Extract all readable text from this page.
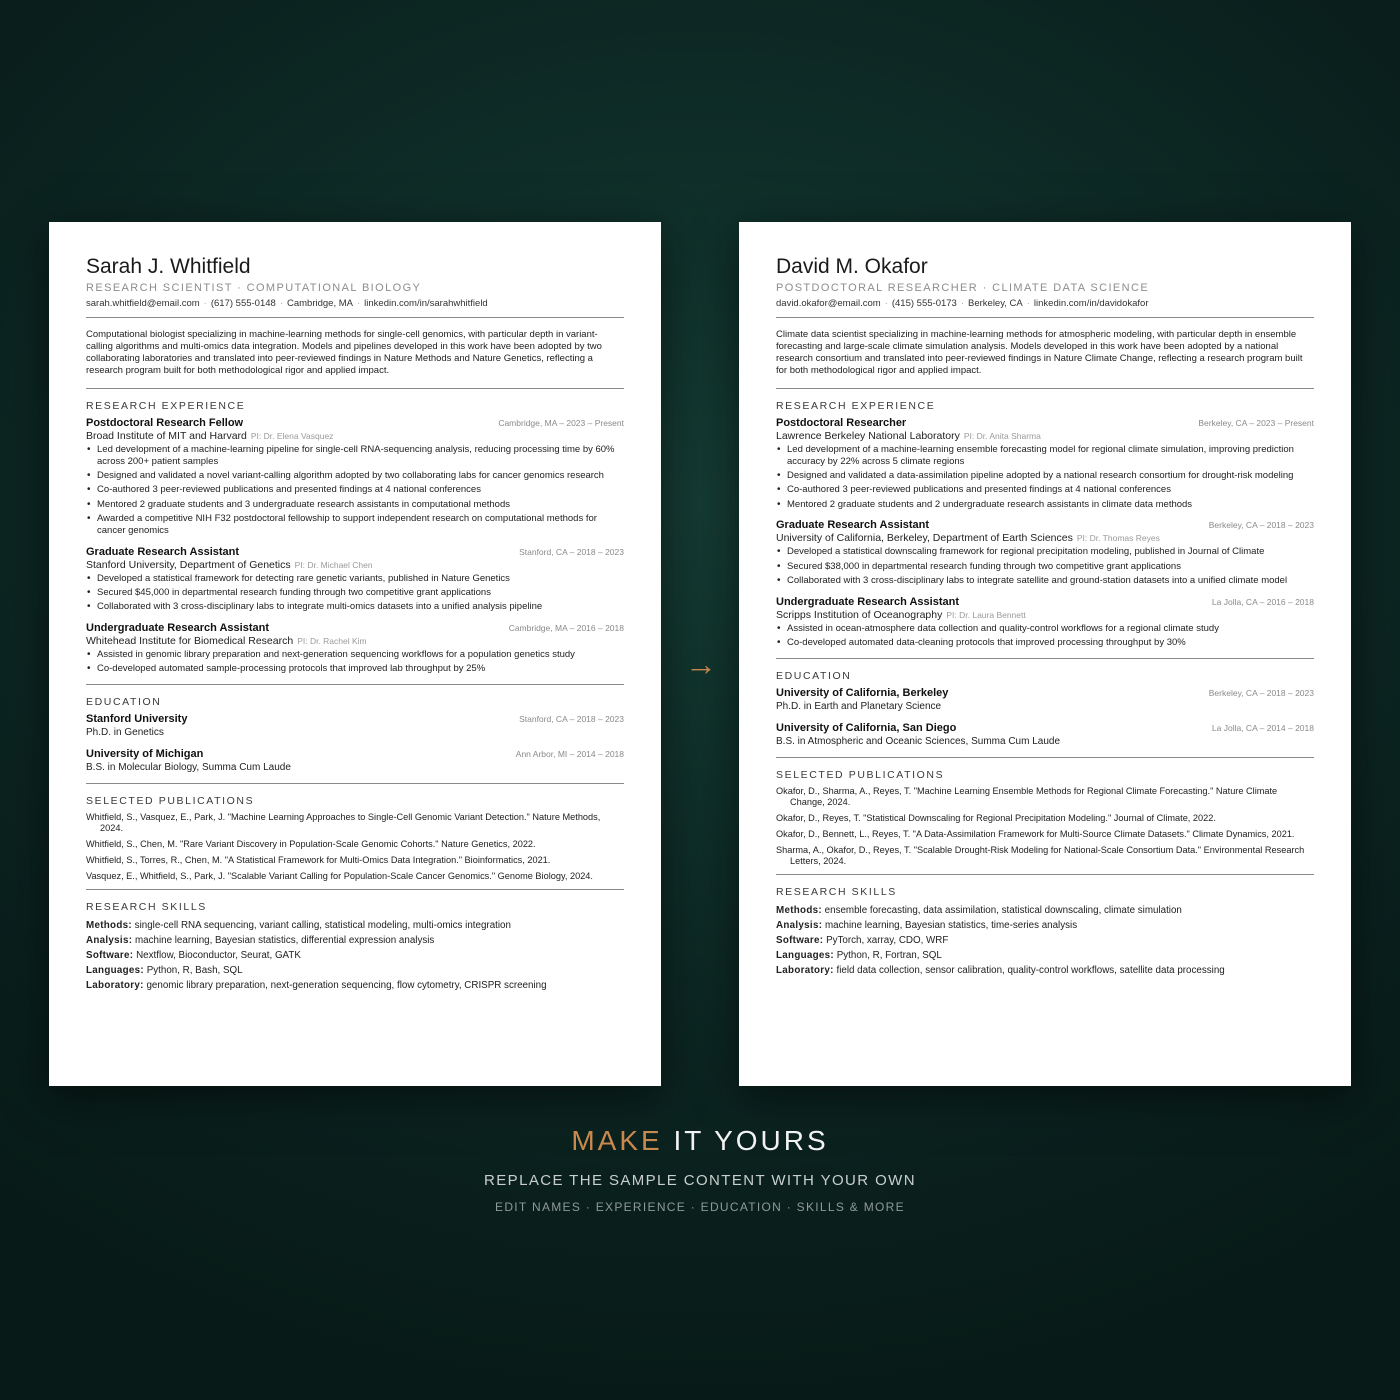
Sarah J. Whitfield
RESEARCH SCIENTIST · COMPUTATIONAL BIOLOGY
sarah.whitfield@email.com · (617) 555-0148 · Cambridge, MA · linkedin.com/in/sarahwhitfield
Computational biologist specializing in machine-learning methods for single-cell genomics, with particular depth in variant-calling algorithms and multi-omics data integration. Models and pipelines developed in this work have been adopted by two collaborating laboratories and translated into peer-reviewed findings in Nature Methods and Nature Genetics, reflecting a research program built for both methodological rigor and applied impact.
RESEARCH EXPERIENCE
Postdoctoral Research Fellow	Cambridge, MA – 2023 – Present
Broad Institute of MIT and Harvard PI: Dr. Elena Vasquez
• Led development of a machine-learning pipeline for single-cell RNA-sequencing analysis, reducing processing time by 60% across 200+ patient samples
• Designed and validated a novel variant-calling algorithm adopted by two collaborating labs for cancer genomics research
• Co-authored 3 peer-reviewed publications and presented findings at 4 national conferences
• Mentored 2 graduate students and 3 undergraduate research assistants in computational methods
• Awarded a competitive NIH F32 postdoctoral fellowship to support independent research on computational methods for cancer genomics
Graduate Research Assistant	Stanford, CA – 2018 – 2023
Stanford University, Department of Genetics PI: Dr. Michael Chen
• Developed a statistical framework for detecting rare genetic variants, published in Nature Genetics
• Secured $45,000 in departmental research funding through two competitive grant applications
• Collaborated with 3 cross-disciplinary labs to integrate multi-omics datasets into a unified analysis pipeline
Undergraduate Research Assistant	Cambridge, MA – 2016 – 2018
Whitehead Institute for Biomedical Research PI: Dr. Rachel Kim
• Assisted in genomic library preparation and next-generation sequencing workflows for a population genetics study
• Co-developed automated sample-processing protocols that improved lab throughput by 25%
EDUCATION
Stanford University	Stanford, CA – 2018 – 2023
Ph.D. in Genetics
University of Michigan	Ann Arbor, MI – 2014 – 2018
B.S. in Molecular Biology, Summa Cum Laude
SELECTED PUBLICATIONS
Whitfield, S., Vasquez, E., Park, J. "Machine Learning Approaches to Single-Cell Genomic Variant Detection." Nature Methods, 2024.
Whitfield, S., Chen, M. "Rare Variant Discovery in Population-Scale Genomic Cohorts." Nature Genetics, 2022.
Whitfield, S., Torres, R., Chen, M. "A Statistical Framework for Multi-Omics Data Integration." Bioinformatics, 2021.
Vasquez, E., Whitfield, S., Park, J. "Scalable Variant Calling for Population-Scale Cancer Genomics." Genome Biology, 2024.
RESEARCH SKILLS
Methods: single-cell RNA sequencing, variant calling, statistical modeling, multi-omics integration
Analysis: machine learning, Bayesian statistics, differential expression analysis
Software: Nextflow, Bioconductor, Seurat, GATK
Languages: Python, R, Bash, SQL
Laboratory: genomic library preparation, next-generation sequencing, flow cytometry, CRISPR screening
→
David M. Okafor
POSTDOCTORAL RESEARCHER · CLIMATE DATA SCIENCE
david.okafor@email.com · (415) 555-0173 · Berkeley, CA · linkedin.com/in/davidokafor
Climate data scientist specializing in machine-learning methods for atmospheric modeling, with particular depth in ensemble forecasting and large-scale climate simulation analysis. Models developed in this work have been adopted by a national research consortium and translated into peer-reviewed findings in Nature Climate Change, reflecting a research program built for both methodological rigor and applied impact.
RESEARCH EXPERIENCE
Postdoctoral Researcher	Berkeley, CA – 2023 – Present
Lawrence Berkeley National Laboratory PI: Dr. Anita Sharma
• Led development of a machine-learning ensemble forecasting model for regional climate simulation, improving prediction accuracy by 22% across 5 climate regions
• Designed and validated a data-assimilation pipeline adopted by a national research consortium for drought-risk modeling
• Co-authored 3 peer-reviewed publications and presented findings at 4 national conferences
• Mentored 2 graduate students and 2 undergraduate research assistants in climate data methods
Graduate Research Assistant	Berkeley, CA – 2018 – 2023
University of California, Berkeley, Department of Earth Sciences PI: Dr. Thomas Reyes
• Developed a statistical downscaling framework for regional precipitation modeling, published in Journal of Climate
• Secured $38,000 in departmental research funding through two competitive grant applications
• Collaborated with 3 cross-disciplinary labs to integrate satellite and ground-station datasets into a unified climate model
Undergraduate Research Assistant	La Jolla, CA – 2016 – 2018
Scripps Institution of Oceanography PI: Dr. Laura Bennett
• Assisted in ocean-atmosphere data collection and quality-control workflows for a regional climate study
• Co-developed automated data-cleaning protocols that improved processing throughput by 30%
EDUCATION
University of California, Berkeley	Berkeley, CA – 2018 – 2023
Ph.D. in Earth and Planetary Science
University of California, San Diego	La Jolla, CA – 2014 – 2018
B.S. in Atmospheric and Oceanic Sciences, Summa Cum Laude
SELECTED PUBLICATIONS
Okafor, D., Sharma, A., Reyes, T. "Machine Learning Ensemble Methods for Regional Climate Forecasting." Nature Climate Change, 2024.
Okafor, D., Reyes, T. "Statistical Downscaling for Regional Precipitation Modeling." Journal of Climate, 2022.
Okafor, D., Bennett, L., Reyes, T. "A Data-Assimilation Framework for Multi-Source Climate Datasets." Climate Dynamics, 2021.
Sharma, A., Okafor, D., Reyes, T. "Scalable Drought-Risk Modeling for National-Scale Consortium Data." Environmental Research Letters, 2024.
RESEARCH SKILLS
Methods: ensemble forecasting, data assimilation, statistical downscaling, climate simulation
Analysis: machine learning, Bayesian statistics, time-series analysis
Software: PyTorch, xarray, CDO, WRF
Languages: Python, R, Fortran, SQL
Laboratory: field data collection, sensor calibration, quality-control workflows, satellite data processing
MAKE IT YOURS
REPLACE THE SAMPLE CONTENT WITH YOUR OWN
EDIT NAMES · EXPERIENCE · EDUCATION · SKILLS & MORE
